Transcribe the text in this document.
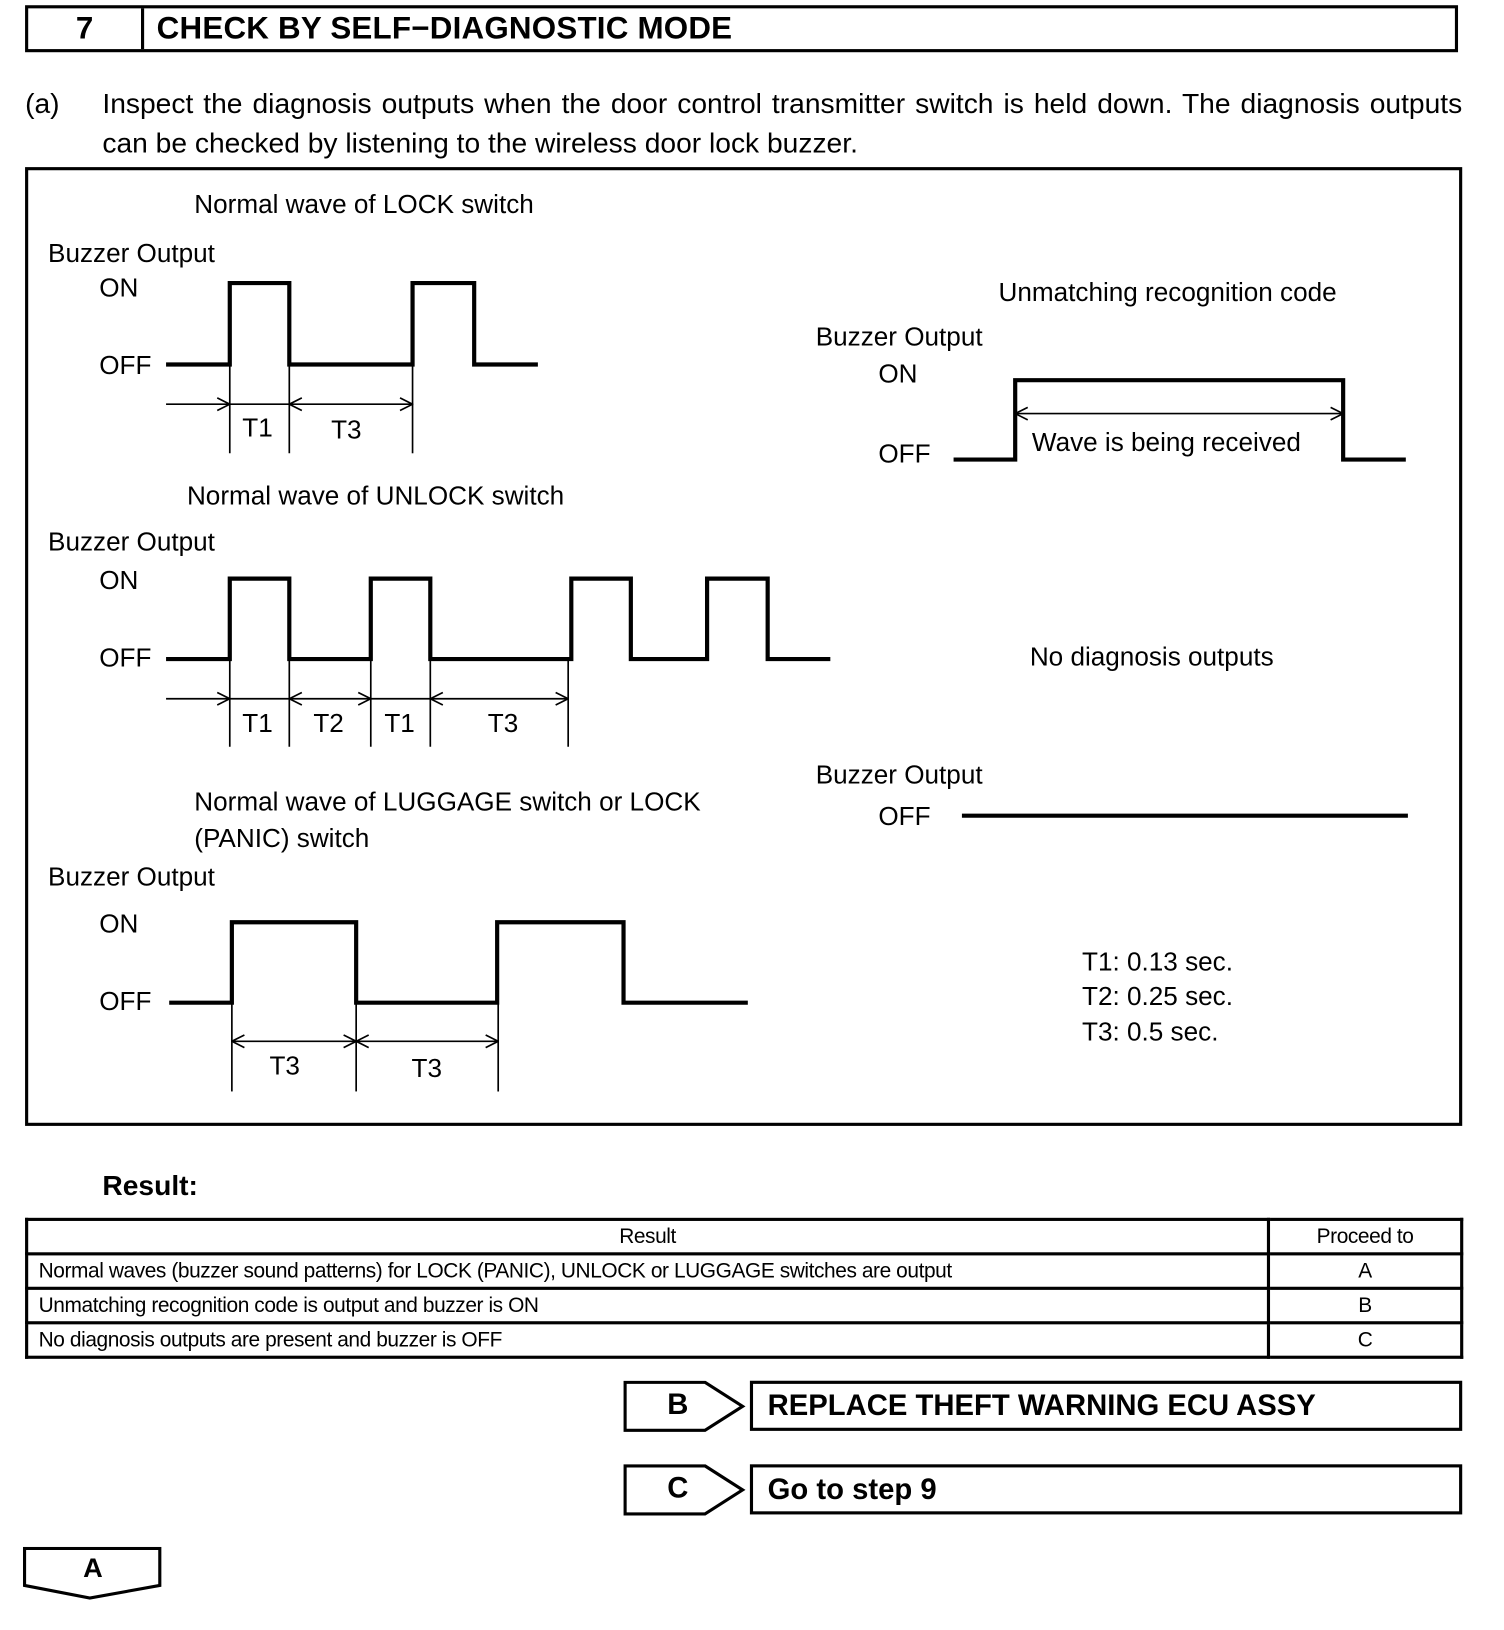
7	CHECK BY SELF−DIAGNOSTIC MODE
(a) Inspect the diagnosis outputs when the door control transmitter switch is held down. The diagnosis outputs can be checked by listening to the wireless door lock buzzer.
Normal wave of LOCK switch
Buzzer Output
ON
OFF
T1 T3
Normal wave of UNLOCK switch
Buzzer Output
ON
OFF
T1 T2 T1	T3
Normal wave of LUGGAGE switch or LOCK
(PANIC) switch
Buzzer Output
ON
OFF
T3	T3
Unmatching recognition code
Buzzer Output
ON
OFF	Wave is being received
No diagnosis outputs
Buzzer Output
OFF
T1: 0.13 sec.
T2: 0.25 sec.
T3: 0.5 sec.
Result:
Result	Proceed to
Normal waves (buzzer sound patterns) for LOCK (PANIC), UNLOCK or LUGGAGE switches are output	A
Unmatching recognition code is output and buzzer is ON	B
No diagnosis outputs are present and buzzer is OFF	C
B	REPLACE THEFT WARNING ECU ASSY
C	Go to step 9
A
